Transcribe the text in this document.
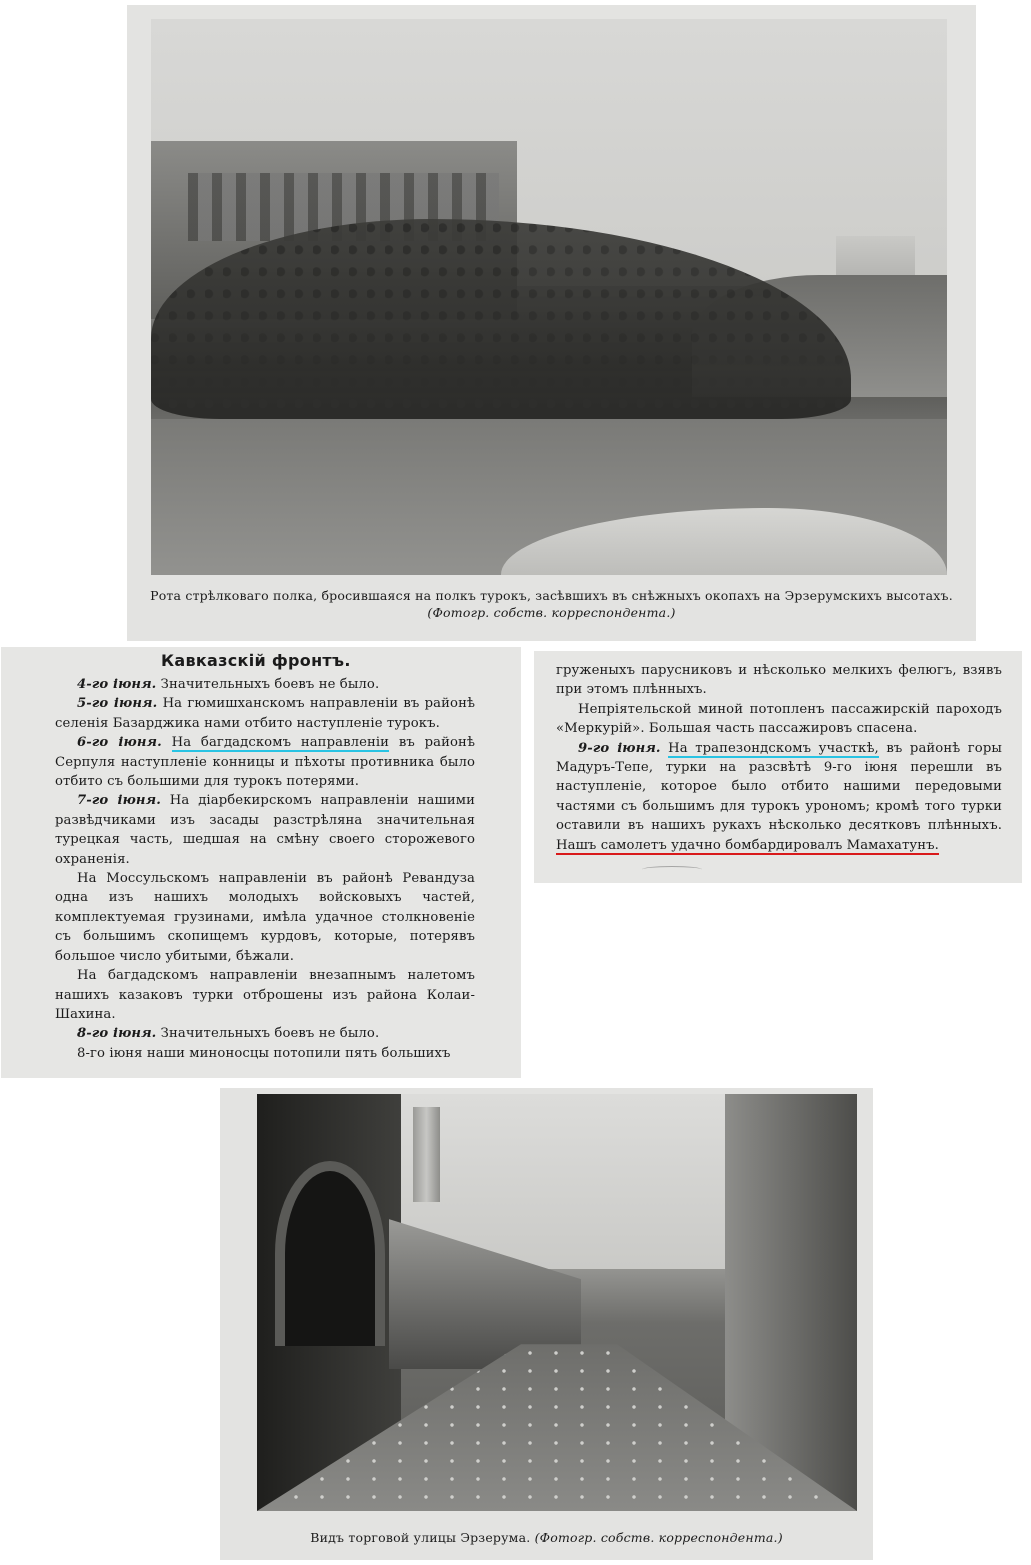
Рота стрѣлковаго полка, бросившаяся на полкъ турокъ, засѣвшихъ въ снѣжныхъ окопахъ на Эрзерумскихъ высотахъ. (Фотогр. собств. корреспондента.)
Кавказскій фронтъ.

4-го іюня. Значительныхъ боевъ не было.

5-го іюня. На гюмишханскомъ направленіи въ районѣ селенія Базарджика нами отбито наступленіе турокъ.

6-го іюня. На багдадскомъ направленіи въ районѣ Серпуля наступленіе конницы и пѣхоты противника было отбито съ большими для турокъ потерями.

7-го іюня. На діарбекирскомъ направленіи нашими развѣдчиками изъ засады разстрѣляна значительная турецкая часть, шедшая на смѣну своего сторожевого охраненія.

На Моссульскомъ направленіи въ районѣ Ревандуза одна изъ нашихъ молодыхъ войсковыхъ частей, комплектуемая грузинами, имѣла удачное столкновеніе съ большимъ скопищемъ курдовъ, которые, потерявъ большое число убитыми, бѣжали.

На багдадскомъ направленіи внезапнымъ налетомъ нашихъ казаковъ турки отброшены изъ района Колаи-Шахина.

8-го іюня. Значительныхъ боевъ не было.

8-го іюня наши миноносцы потопили пять большихъ

груженыхъ парусниковъ и нѣсколько мелкихъ фелюгъ, взявъ при этомъ плѣнныхъ.

Непріятельской миной потопленъ пассажирскій пароходъ «Меркурій». Большая часть пассажировъ спасена.

9-го іюня. На трапезондскомъ участкѣ, въ районѣ горы Мадуръ-Тепе, турки на разсвѣтѣ 9-го іюня перешли въ наступленіе, которое было отбито нашими передовыми частями съ большимъ для турокъ урономъ; кромѣ того турки оставили въ нашихъ рукахъ нѣсколько десятковъ плѣнныхъ. Нашъ самолетъ удачно бомбардировалъ Мамахатунъ.

Видъ торговой улицы Эрзерума. (Фотогр. собств. корреспондента.)
